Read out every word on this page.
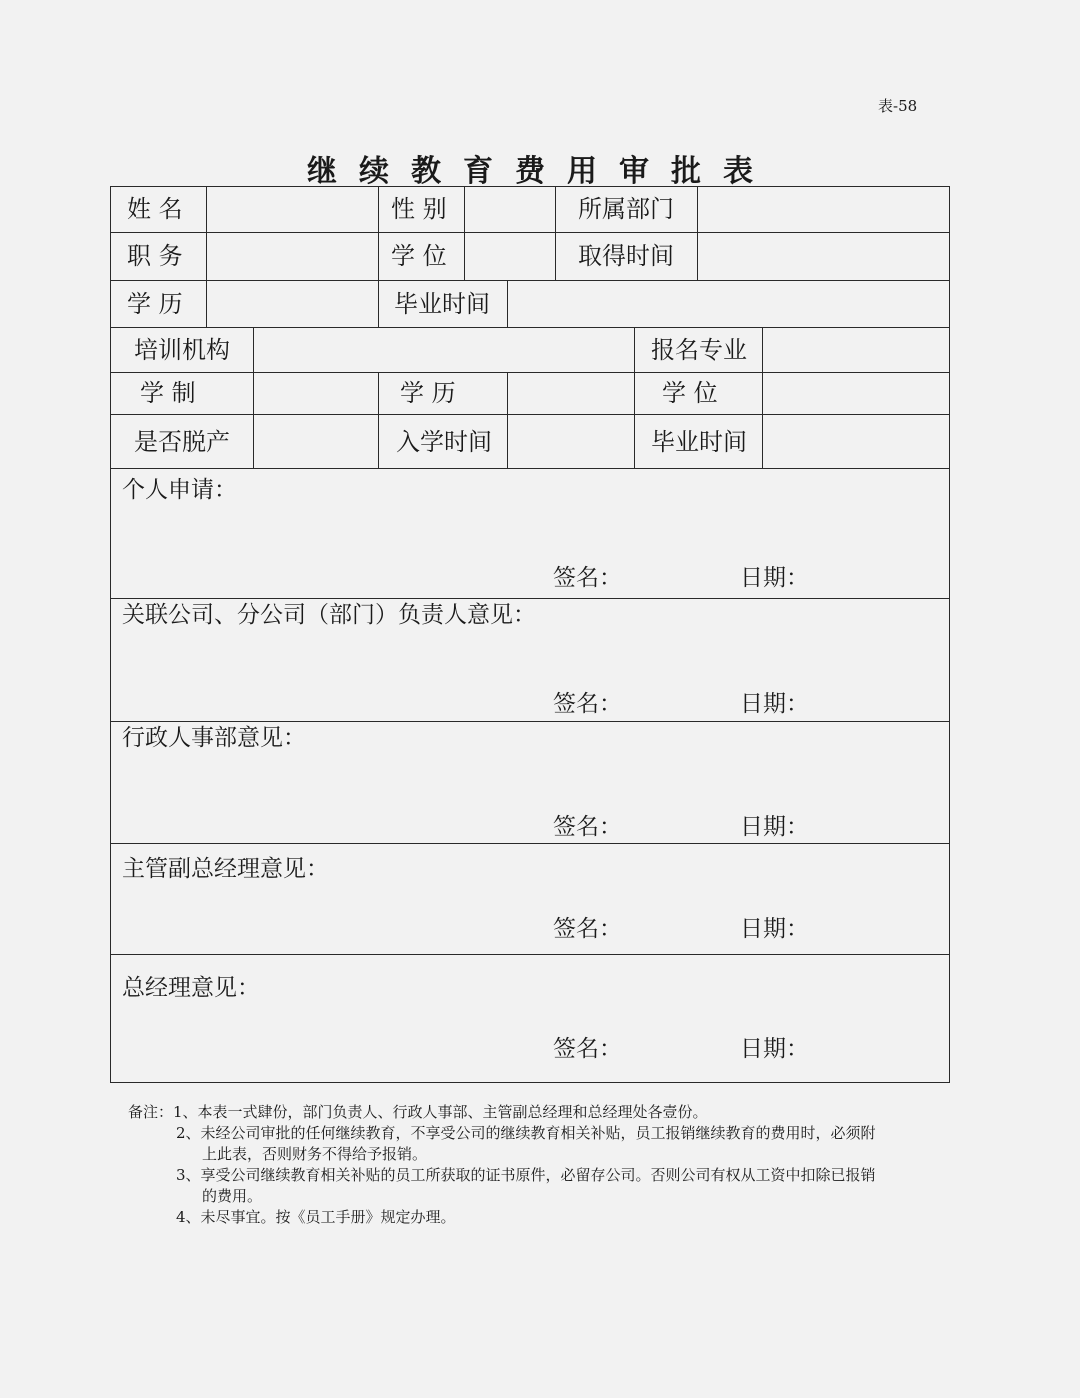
表-58
继续教育费用审批表
姓 名	性 别	所属部门
职 务	学 位	取得时间
学 历	毕业时间
培训机构	报名专业
学 制	学 历	学 位
是否脱产	入学时间	毕业时间
个人申请：
签名：	日期：
关联公司、分公司（部门）负责人意见：
签名：	日期：
行政人事部意见：
签名：	日期：
主管副总经理意见：
签名：	日期：
总经理意见：
签名：	日期：
备注：1、本表一式肆份，部门负责人、行政人事部、主管副总经理和总经理处各壹份。
2、未经公司审批的任何继续教育，不享受公司的继续教育相关补贴，员工报销继续教育的费用时，必须附
上此表，否则财务不得给予报销。
3、享受公司继续教育相关补贴的员工所获取的证书原件，必留存公司。否则公司有权从工资中扣除已报销
的费用。
4、未尽事宜。按《员工手册》规定办理。
